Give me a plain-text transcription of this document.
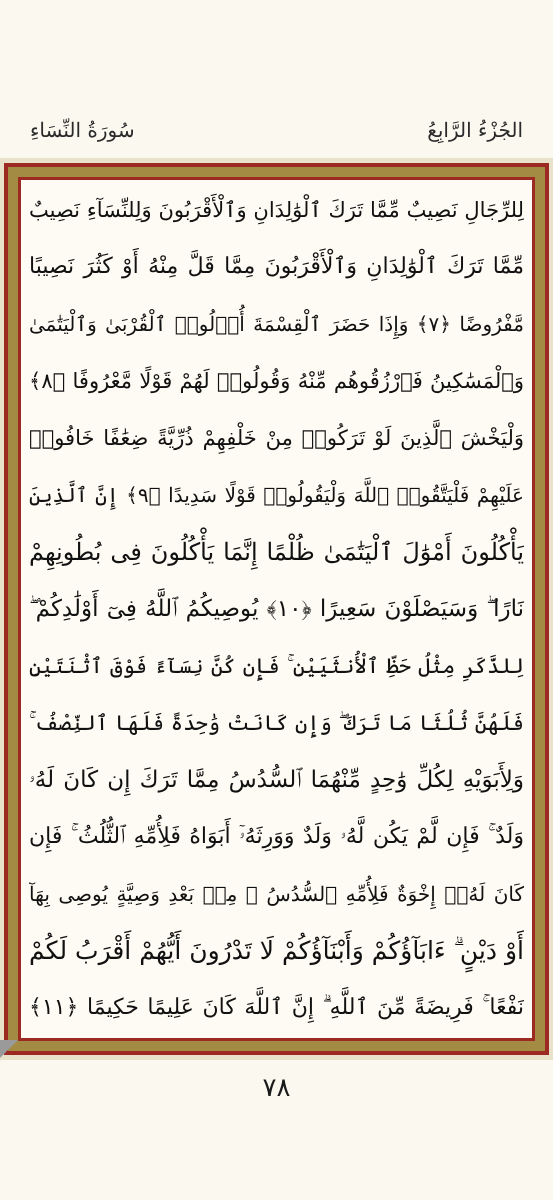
سُورَةُ النِّسَاءِ	الجُزْءُ الرَّابِعُ
لِلرِّجَالِ نَصِيبٌ مِّمَّا تَرَكَ ٱلْوَٰلِدَانِ وَٱلْأَقْرَبُونَ وَلِلنِّسَآءِ نَصِيبٌ
مِّمَّا تَرَكَ ٱلْوَٰلِدَانِ وَٱلْأَقْرَبُونَ مِمَّا قَلَّ مِنْهُ أَوْ كَثُرَ نَصِيبًا
مَّفْرُوضًا ﴿٧﴾ وَإِذَا حَضَرَ ٱلْقِسْمَةَ أُو۟لُوا۟ ٱلْقُرْبَىٰ وَٱلْيَتَٰمَىٰ
وَٱلْمَسَٰكِينُ فَٱرْزُقُوهُم مِّنْهُ وَقُولُوا۟ لَهُمْ قَوْلًا مَّعْرُوفًا ﴿٨﴾
وَلْيَخْشَ ٱلَّذِينَ لَوْ تَرَكُوا۟ مِنْ خَلْفِهِمْ ذُرِّيَّةً ضِعَٰفًا خَافُوا۟
عَلَيْهِمْ فَلْيَتَّقُوا۟ ٱللَّهَ وَلْيَقُولُوا۟ قَوْلًا سَدِيدًا ﴿٩﴾ إِنَّ ٱلَّذِينَ
يَأْكُلُونَ أَمْوَٰلَ ٱلْيَتَٰمَىٰ ظُلْمًا إِنَّمَا يَأْكُلُونَ فِى بُطُونِهِمْ
نَارًا ۖ وَسَيَصْلَوْنَ سَعِيرًا ﴿١٠﴾ يُوصِيكُمُ ٱللَّهُ فِىٓ أَوْلَٰدِكُمْ ۖ
لِلذَّكَرِ مِثْلُ حَظِّ ٱلْأُنثَيَيْنِ ۚ فَإِن كُنَّ نِسَآءً فَوْقَ ٱثْنَتَيْنِ
فَلَهُنَّ ثُلُثَا مَا تَرَكَ ۖ وَإِن كَانَتْ وَٰحِدَةً فَلَهَا ٱلنِّصْفُ ۚ
وَلِأَبَوَيْهِ لِكُلِّ وَٰحِدٍ مِّنْهُمَا ٱلسُّدُسُ مِمَّا تَرَكَ إِن كَانَ لَهُۥ
وَلَدٌ ۚ فَإِن لَّمْ يَكُن لَّهُۥ وَلَدٌ وَوَرِثَهُۥٓ أَبَوَاهُ فَلِأُمِّهِ ٱلثُّلُثُ ۚ فَإِن
كَانَ لَهُۥٓ إِخْوَةٌ فَلِأُمِّهِ ٱلسُّدُسُ ۚ مِنۢ بَعْدِ وَصِيَّةٍ يُوصِى بِهَآ
أَوْ دَيْنٍ ۗ ءَابَآؤُكُمْ وَأَبْنَآؤُكُمْ لَا تَدْرُونَ أَيُّهُمْ أَقْرَبُ لَكُمْ
نَفْعًا ۚ فَرِيضَةً مِّنَ ٱللَّهِ ۗ إِنَّ ٱللَّهَ كَانَ عَلِيمًا حَكِيمًا ﴿١١﴾
٧٨
